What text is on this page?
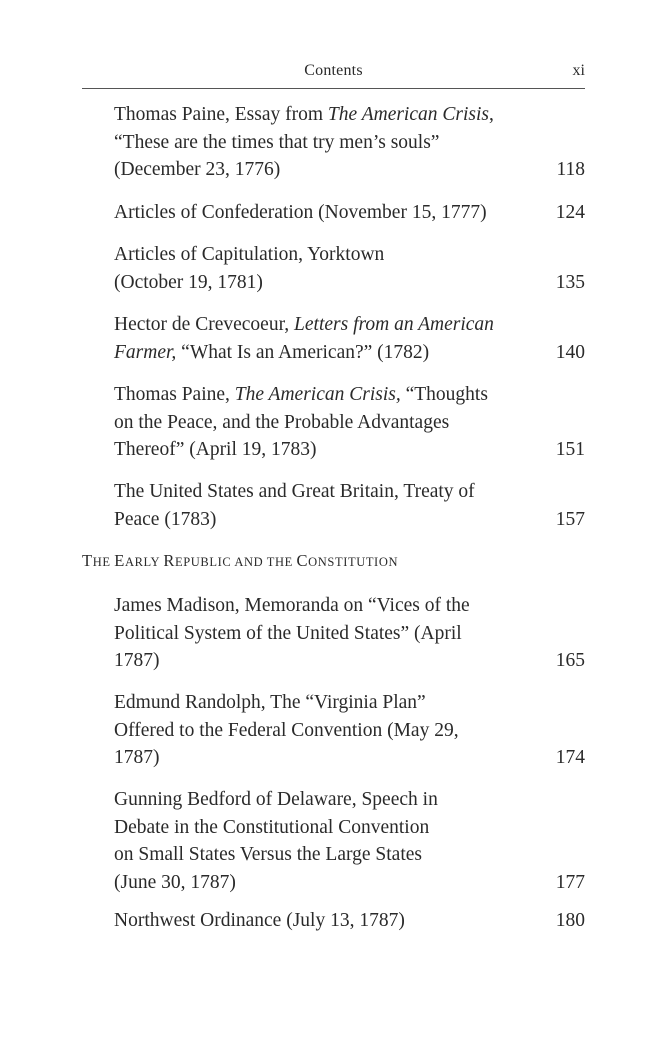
Contents	xi
THE EARLY REPUBLIC AND THE CONSTITUTION
Thomas Paine, Essay from The American Crisis,
“These are the times that try men’s souls”
(December 23, 1776)	118
Articles of Confederation (November 15, 1777)	124
Articles of Capitulation, Yorktown
(October 19, 1781)	135
Hector de Crevecoeur, Letters from an American
Farmer, “What Is an American?” (1782)	140
Thomas Paine, The American Crisis, “Thoughts
on the Peace, and the Probable Advantages
Thereof” (April 19, 1783)	151
The United States and Great Britain, Treaty of
Peace (1783)	157
James Madison, Memoranda on “Vices of the
Political System of the United States” (April
1787)	165
Edmund Randolph, The “Virginia Plan”
Offered to the Federal Convention (May 29,
1787)	174
Gunning Bedford of Delaware, Speech in
Debate in the Constitutional Convention
on Small States Versus the Large States
(June 30, 1787)	177
Northwest Ordinance (July 13, 1787)	180
